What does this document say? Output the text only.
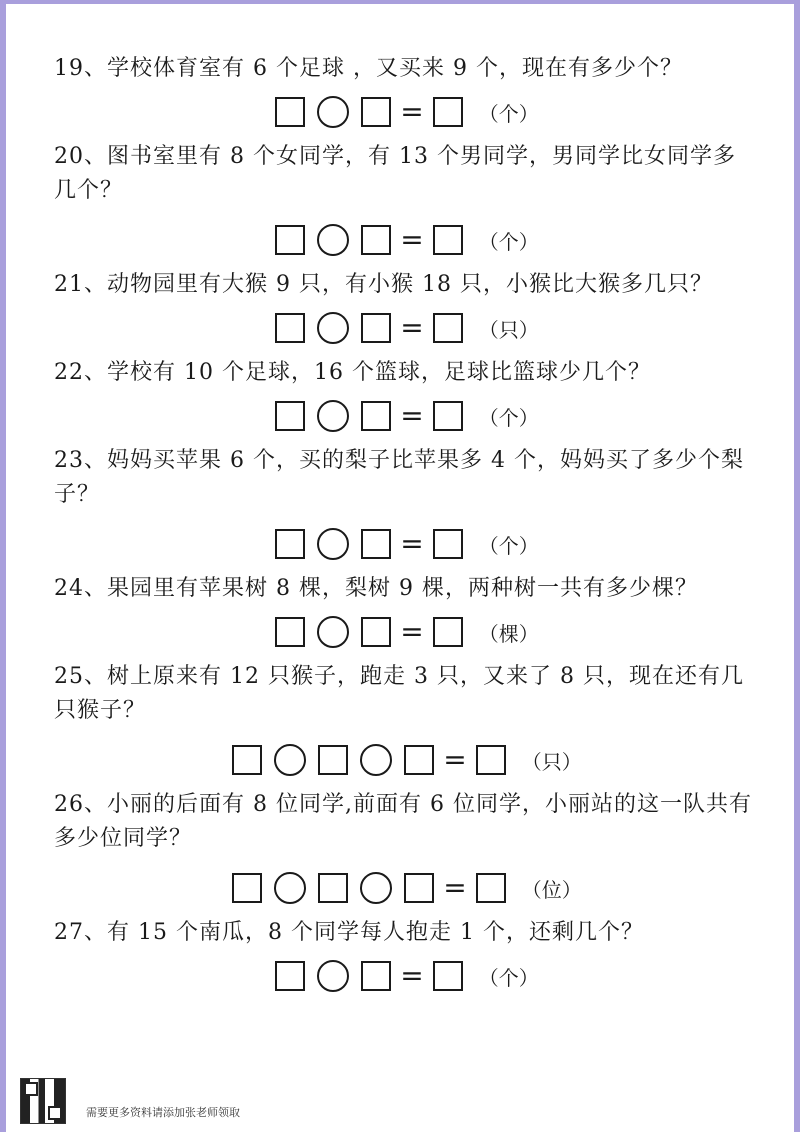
19、学校体育室有 6 个足球 ，又买来 9 个，现在有多少个？

=	（个）

20、图书室里有 8 个女同学，有 13 个男同学，男同学比女同学多几个？

=	（个）

21、动物园里有大猴 9 只，有小猴 18 只，小猴比大猴多几只？

=	（只）

22、学校有 10 个足球，16 个篮球，足球比篮球少几个？

=	（个）

23、妈妈买苹果 6 个，买的梨子比苹果多 4 个，妈妈买了多少个梨子？

=	（个）

24、果园里有苹果树 8 棵，梨树 9 棵，两种树一共有多少棵？

=	（棵）

25、树上原来有 12 只猴子，跑走 3 只，又来了 8 只，现在还有几只猴子？

=	（只）

26、小丽的后面有 8 位同学,前面有 6 位同学，小丽站的这一队共有多少位同学？

=	（位）

27、有 15 个南瓜，8 个同学每人抱走 1 个，还剩几个？

=	（个）
需要更多资料请添加张老师领取
